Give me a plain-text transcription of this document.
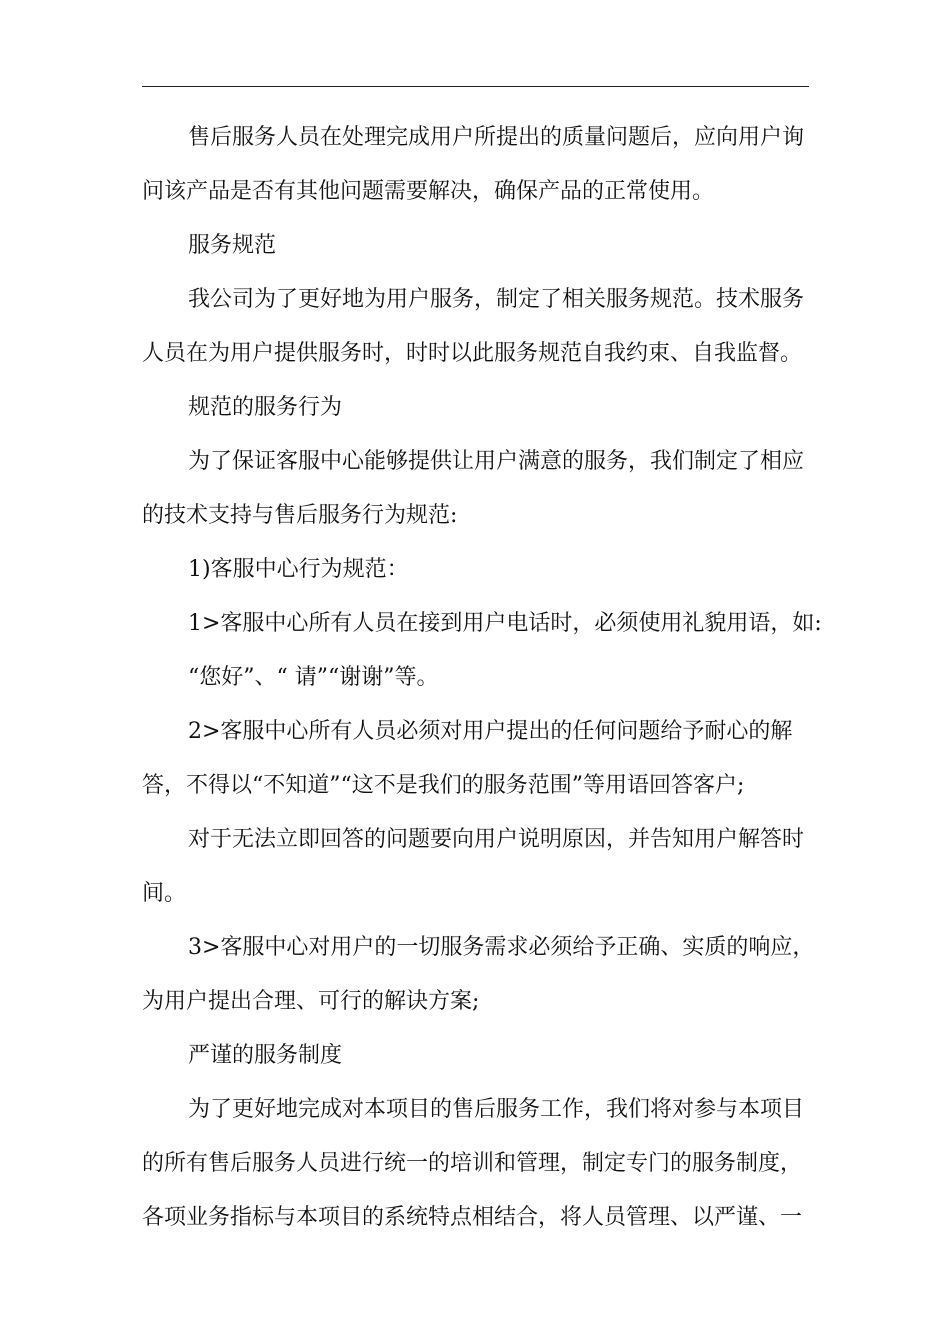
售后服务人员在处理完成用户所提出的质量问题后，应向用户询
问该产品是否有其他问题需要解决，确保产品的正常使用。
服务规范
我公司为了更好地为用户服务，制定了相关服务规范。技术服务
人员在为用户提供服务时，时时以此服务规范自我约束、自我监督。
规范的服务行为
为了保证客服中心能够提供让用户满意的服务，我们制定了相应
的技术支持与售后服务行为规范:
1)客服中心行为规范：
1>客服中心所有人员在接到用户电话时，必须使用礼貌用语，如:
“您好”、“ 请”“谢谢”等。
2>客服中心所有人员必须对用户提出的任何问题给予耐心的解
答，不得以“不知道”“这不是我们的服务范围”等用语回答客户;
对于无法立即回答的问题要向用户说明原因，并告知用户解答时
间。
3>客服中心对用户的一切服务需求必须给予正确、实质的响应，
为用户提出合理、可行的解诀方案;
严谨的服务制度
为了更好地完成对本项目的售后服务工作，我们将对参与本项目
的所有售后服务人员进行统一的培训和管理，制定专门的服务制度，
各项业务指标与本项目的系统特点相结合，将人员管理、以严谨、一
